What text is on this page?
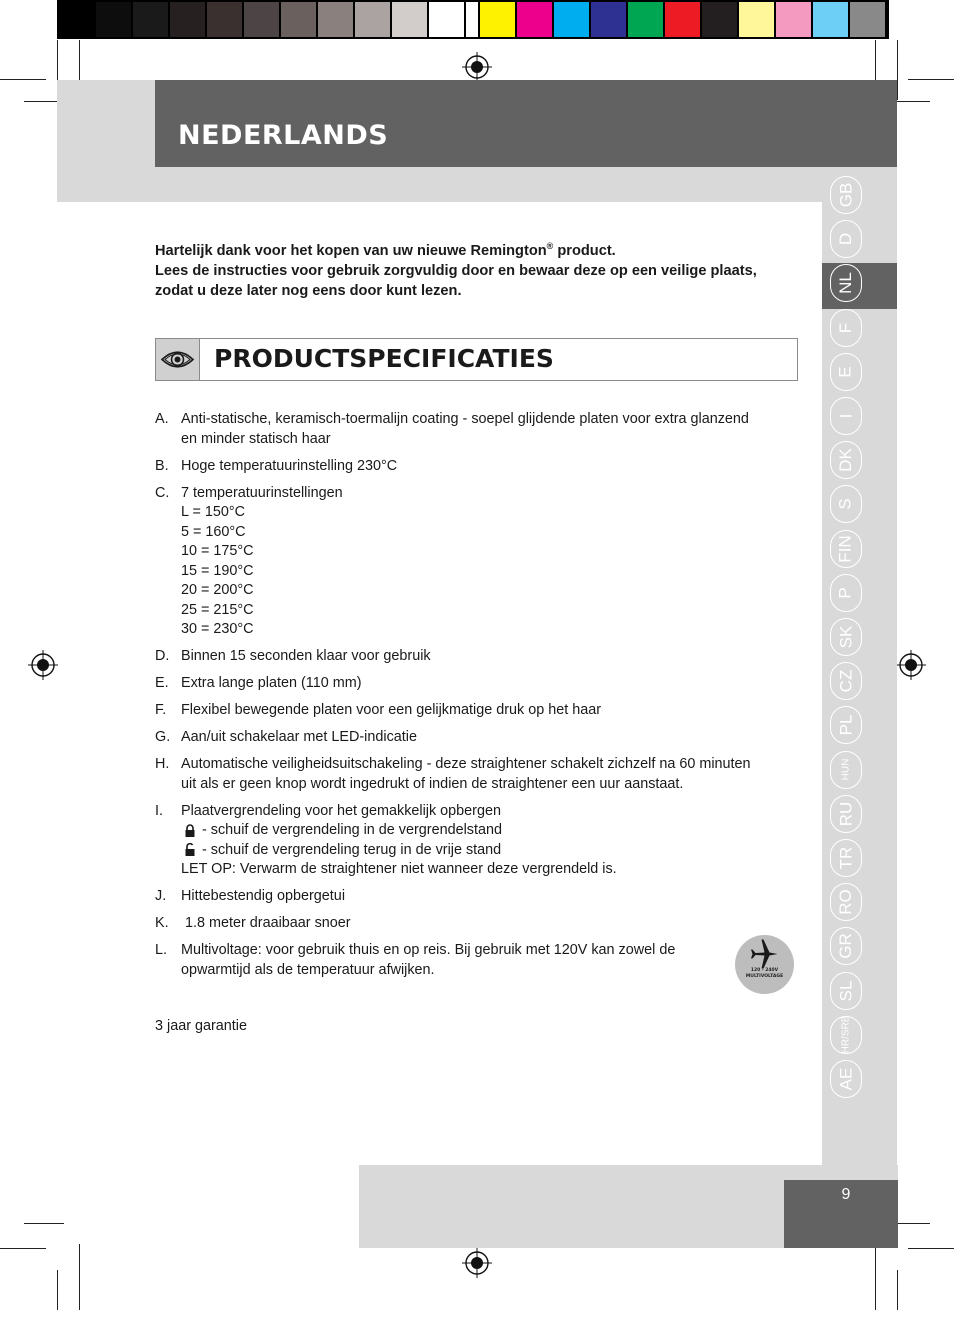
NEDERLANDS
Hartelijk dank voor het kopen van uw nieuwe Remington® product.
Lees de instructies voor gebruik zorgvuldig door en bewaar deze op een veilige plaats, zodat u deze later nog eens door kunt lezen.
PRODUCTSPECIFICATIES
A. Anti-statische, keramisch-toermalijn coating - soepel glijdende platen voor extra glanzend
en minder statisch haar
B. Hoge temperatuurinstelling 230°C
C. 7 temperatuurinstellingen
L = 150°C
5 = 160°C
10 = 175°C
15 = 190°C
20 = 200°C
25 = 215°C
30 = 230°C
D. Binnen 15 seconden klaar voor gebruik
E. Extra lange platen (110 mm)
F.	Flexibel bewegende platen voor een gelijkmatige druk op het haar
G. Aan/uit schakelaar met LED-indicatie
H. Automatische veiligheidsuitschakeling - deze straightener schakelt zichzelf na 60 minuten
uit als er geen knop wordt ingedrukt of indien de straightener een uur aanstaat.
I.	Plaatvergrendeling voor het gemakkelijk opbergen
- schuif de vergrendeling in de vergrendelstand
- schuif de vergrendeling terug in de vrije stand
LET OP: Verwarm de straightener niet wanneer deze vergrendeld is.
J.	Hittebestendig opbergetui
K. 1.8 meter draaibaar snoer
L. Multivoltage: voor gebruik thuis en op reis. Bij gebruik met 120V kan zowel de
opwarmtijd als de temperatuur afwijken.
3 jaar garantie
120 - 240V
MULTIVOLTAGE
GB
D
NL
F
E
I
DK
S
FIN
P
SK
CZ
PL
HUN
RU
TR
RO
GR
SL
HR/SRB
AE
9
